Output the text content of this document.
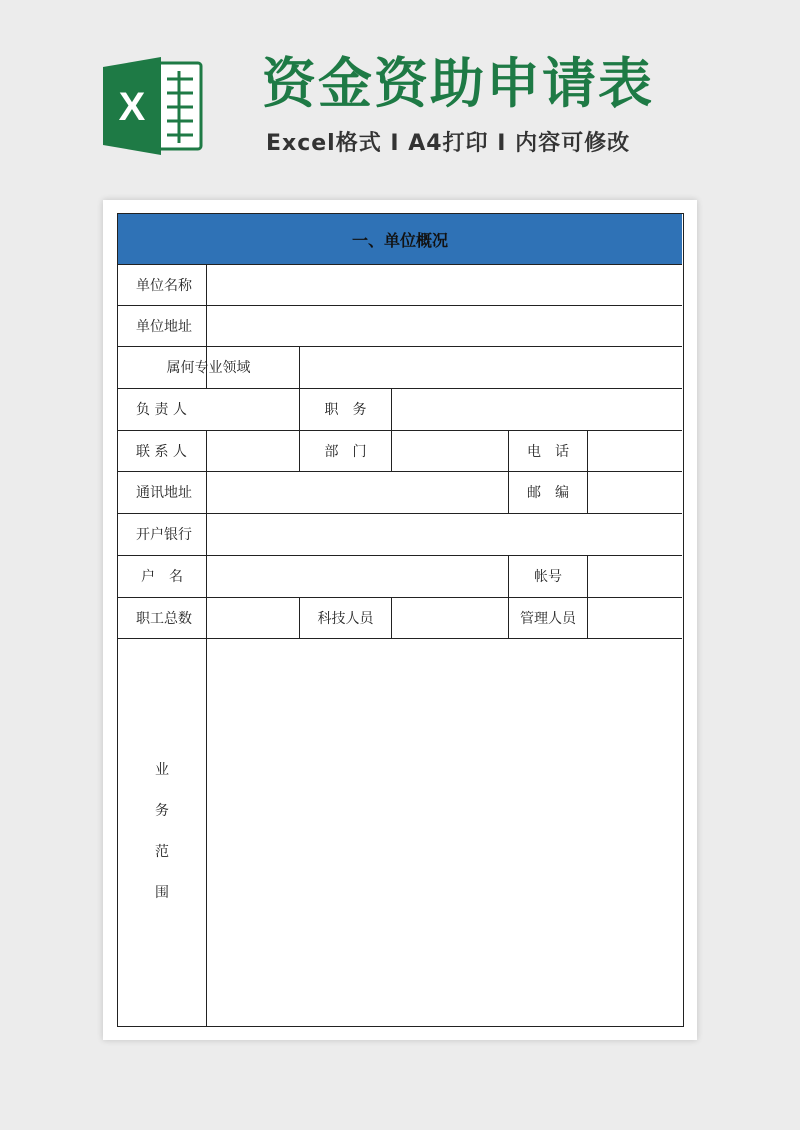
X 资金资助申请表
Excel格式 I A4打印 I 内容可修改
一、单位概况
单位名称
单位地址
属何专业领域
负 责 人	职　务
联 系 人	部　门	电　话
通讯地址	邮　编
开户银行
户　名	帐号
职工总数	科技人员	管理人员
业
务
范
围
